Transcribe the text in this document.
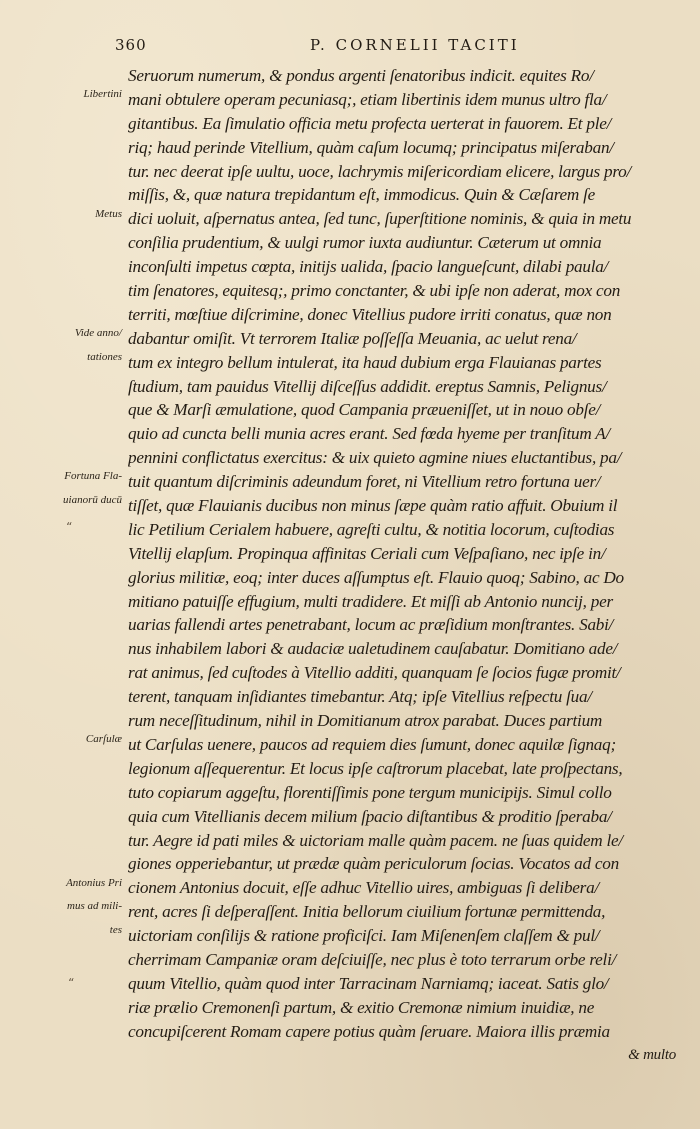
360	P. CORNELII TACITI
Libertini
Metus
Vide anno/
tationes
Fortuna Fla-
uianorū ducū
Carſulæ
Antonius Pri
mus ad mili-
tes
“
“
Seruorum numerum, & pondus argenti ſenatoribus indicit. equites Ro/
mani obtulere operam pecuniasq;, etiam libertinis idem munus ultro fla/
gitantibus. Ea ſimulatio officia metu profecta uerterat in fauorem. Et ple/
riq; haud perinde Vitellium, quàm caſum locumq; principatus miſeraban/
tur. nec deerat ipſe uultu, uoce, lachrymis miſericordiam elicere, largus pro/
miſſis, &, quæ natura trepidantum eſt, immodicus. Quin & Cæſarem ſe
dici uoluit, aſpernatus antea, ſed tunc, ſuperſtitione nominis, & quia in metu
conſilia prudentium, & uulgi rumor iuxta audiuntur. Cæterum ut omnia
inconſulti impetus cœpta, initijs ualida, ſpacio langueſcunt, dilabi paula/
tim ſenatores, equitesq;, primo conctanter, & ubi ipſe non aderat, mox con
territi, mœſtiue diſcrimine, donec Vitellius pudore irriti conatus, quæ non
dabantur omiſit. Vt terrorem Italiæ poſſeſſa Meuania, ac uelut rena/
tum ex integro bellum intulerat, ita haud dubium erga Flauianas partes
ſtudium, tam pauidus Vitellij diſceſſus addidit. ereptus Samnis, Pelignus/
que & Marſi æmulatione, quod Campania præueniſſet, ut in nouo obſe/
quio ad cuncta belli munia acres erant. Sed fœda hyeme per tranſitum A/
pennini conflictatus exercitus: & uix quieto agmine niues eluctantibus, pa/
tuit quantum diſcriminis adeundum foret, ni Vitellium retro fortuna uer/
tiſſet, quæ Flauianis ducibus non minus ſæpe quàm ratio affuit. Obuium il
lic Petilium Cerialem habuere, agreſti cultu, & notitia locorum, cuſtodias
Vitellij elapſum. Propinqua affinitas Ceriali cum Veſpaſiano, nec ipſe in/
glorius militiæ, eoq; inter duces aſſumptus eſt. Flauio quoq; Sabino, ac Do
mitiano patuiſſe effugium, multi tradidere. Et miſſi ab Antonio nuncij, per
uarias fallendi artes penetrabant, locum ac præſidium monſtrantes. Sabi/
nus inhabilem labori & audaciæ ualetudinem cauſabatur. Domitiano ade/
rat animus, ſed cuſtodes à Vitellio additi, quanquam ſe ſocios fugæ promit/
terent, tanquam inſidiantes timebantur. Atq; ipſe Vitellius reſpectu ſua/
rum neceſſitudinum, nihil in Domitianum atrox parabat. Duces partium
ut Carſulas uenere, paucos ad requiem dies ſumunt, donec aquilæ ſignaq;
legionum aſſequerentur. Et locus ipſe caſtrorum placebat, late proſpectans,
tuto copiarum aggeſtu, florentiſſimis pone tergum municipijs. Simul collo
quia cum Vitellianis decem milium ſpacio diſtantibus & proditio ſperaba/
tur. Aegre id pati miles & uictoriam malle quàm pacem. ne ſuas quidem le/
giones opperiebantur, ut prædæ quàm periculorum ſocias. Vocatos ad con
cionem Antonius docuit, eſſe adhuc Vitellio uires, ambiguas ſi delibera/
rent, acres ſi deſperaſſent. Initia bellorum ciuilium fortunæ permittenda,
uictoriam conſilijs & ratione proficiſci. Iam Miſenenſem claſſem & pul/
cherrimam Campaniæ oram deſciuiſſe, nec plus è toto terrarum orbe reli/
quum Vitellio, quàm quod inter Tarracinam Narniamq; iaceat. Satis glo/
riæ prælio Cremonenſi partum, & exitio Cremonæ nimium inuidiæ, ne
concupiſcerent Romam capere potius quàm ſeruare. Maiora illis præmia
& multo
